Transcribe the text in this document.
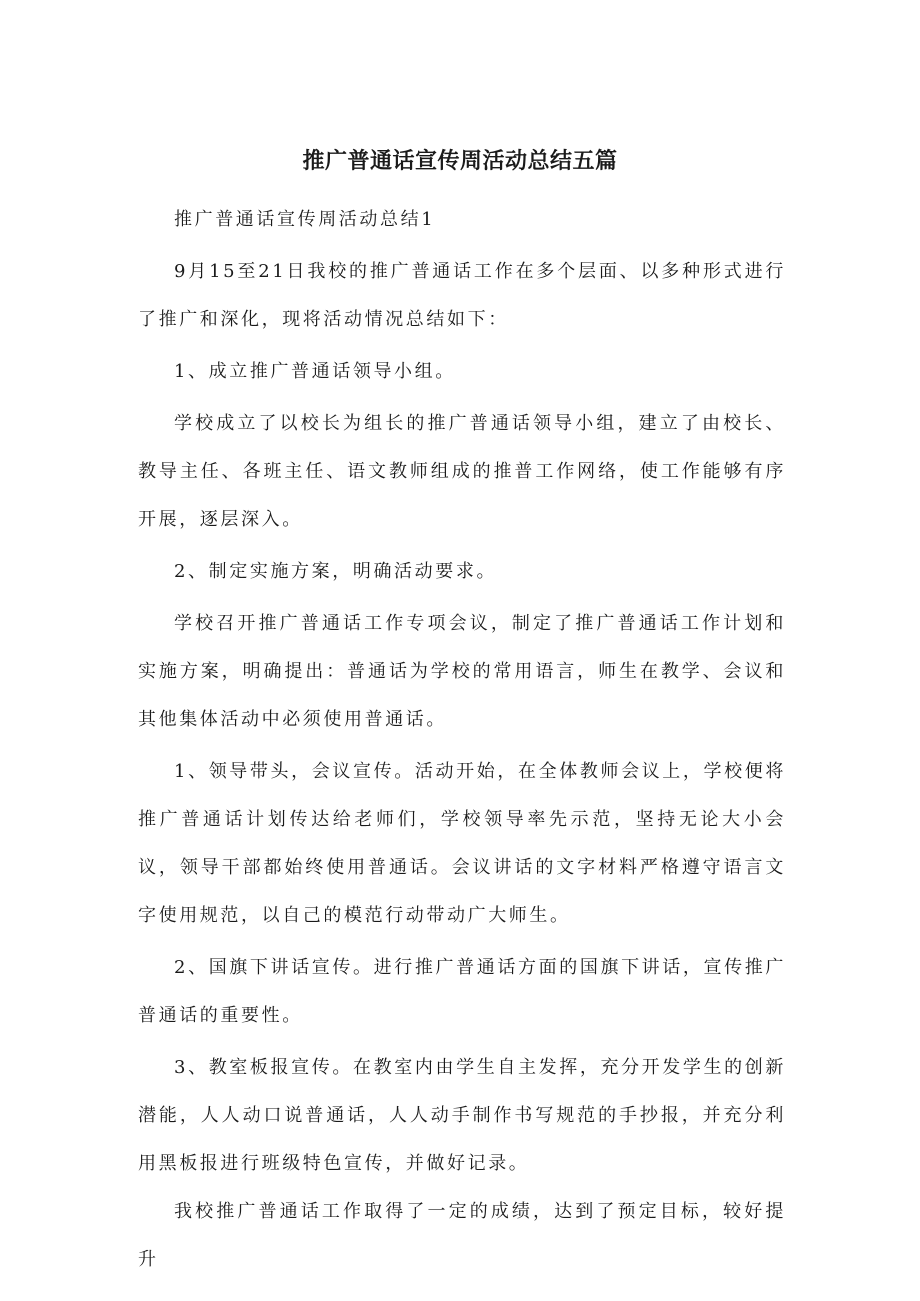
推广普通话宣传周活动总结五篇

推广普通话宣传周活动总结1

9月15至21日我校的推广普通话工作在多个层面、以多种形式进行了推广和深化，现将活动情况总结如下：

1、成立推广普通话领导小组。

学校成立了以校长为组长的推广普通话领导小组，建立了由校长、教导主任、各班主任、语文教师组成的推普工作网络，使工作能够有序开展，逐层深入。

2、制定实施方案，明确活动要求。

学校召开推广普通话工作专项会议，制定了推广普通话工作计划和实施方案，明确提出：普通话为学校的常用语言，师生在教学、会议和其他集体活动中必须使用普通话。

1、领导带头，会议宣传。活动开始，在全体教师会议上，学校便将推广普通话计划传达给老师们，学校领导率先示范，坚持无论大小会议，领导干部都始终使用普通话。会议讲话的文字材料严格遵守语言文字使用规范，以自己的模范行动带动广大师生。

2、国旗下讲话宣传。进行推广普通话方面的国旗下讲话，宣传推广普通话的重要性。

3、教室板报宣传。在教室内由学生自主发挥，充分开发学生的创新潜能，人人动口说普通话，人人动手制作书写规范的手抄报，并充分利用黑板报进行班级特色宣传，并做好记录。

我校推广普通话工作取得了一定的成绩，达到了预定目标，较好提升
